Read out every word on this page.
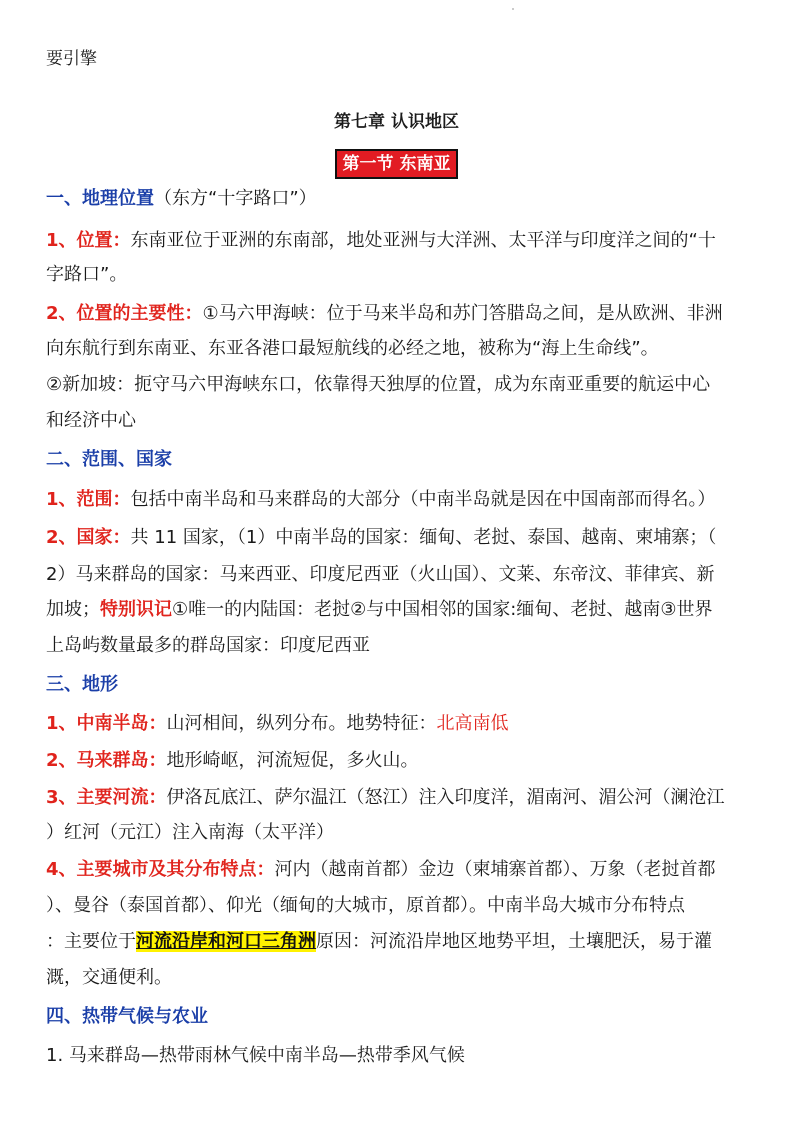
要引擎
第七章 认识地区
第一节 东南亚
一、地理位置（东方“十字路口”）
1、位置：东南亚位于亚洲的东南部，地处亚洲与大洋洲、太平洋与印度洋之间的“十
字路口”。
2、位置的主要性：①马六甲海峡：位于马来半岛和苏门答腊岛之间，是从欧洲、非洲
向东航行到东南亚、东亚各港口最短航线的必经之地，被称为“海上生命线”。
②新加坡：扼守马六甲海峡东口，依靠得天独厚的位置，成为东南亚重要的航运中心
和经济中心
二、范围、国家
1、范围：包括中南半岛和马来群岛的大部分（中南半岛就是因在中国南部而得名。）
2、国家：共 11 国家，（1）中南半岛的国家：缅甸、老挝、泰国、越南、柬埔寨；（
2）马来群岛的国家：马来西亚、印度尼西亚（火山国）、文莱、东帝汶、菲律宾、新
加坡；特别识记①唯一的内陆国：老挝②与中国相邻的国家:缅甸、老挝、越南③世界
上岛屿数量最多的群岛国家：印度尼西亚
三、地形
1、中南半岛：山河相间，纵列分布。地势特征：北高南低
2、马来群岛：地形崎岖，河流短促，多火山。
3、主要河流：伊洛瓦底江、萨尔温江（怒江）注入印度洋，湄南河、湄公河（澜沧江
）红河（元江）注入南海（太平洋）
4、主要城市及其分布特点：河内（越南首都）金边（柬埔寨首都）、万象（老挝首都
）、曼谷（泰国首都）、仰光（缅甸的大城市，原首都）。中南半岛大城市分布特点
：主要位于河流沿岸和河口三角洲原因：河流沿岸地区地势平坦，土壤肥沃，易于灌
溉，交通便利。
四、热带气候与农业
1. 马来群岛—热带雨林气候中南半岛—热带季风气候
